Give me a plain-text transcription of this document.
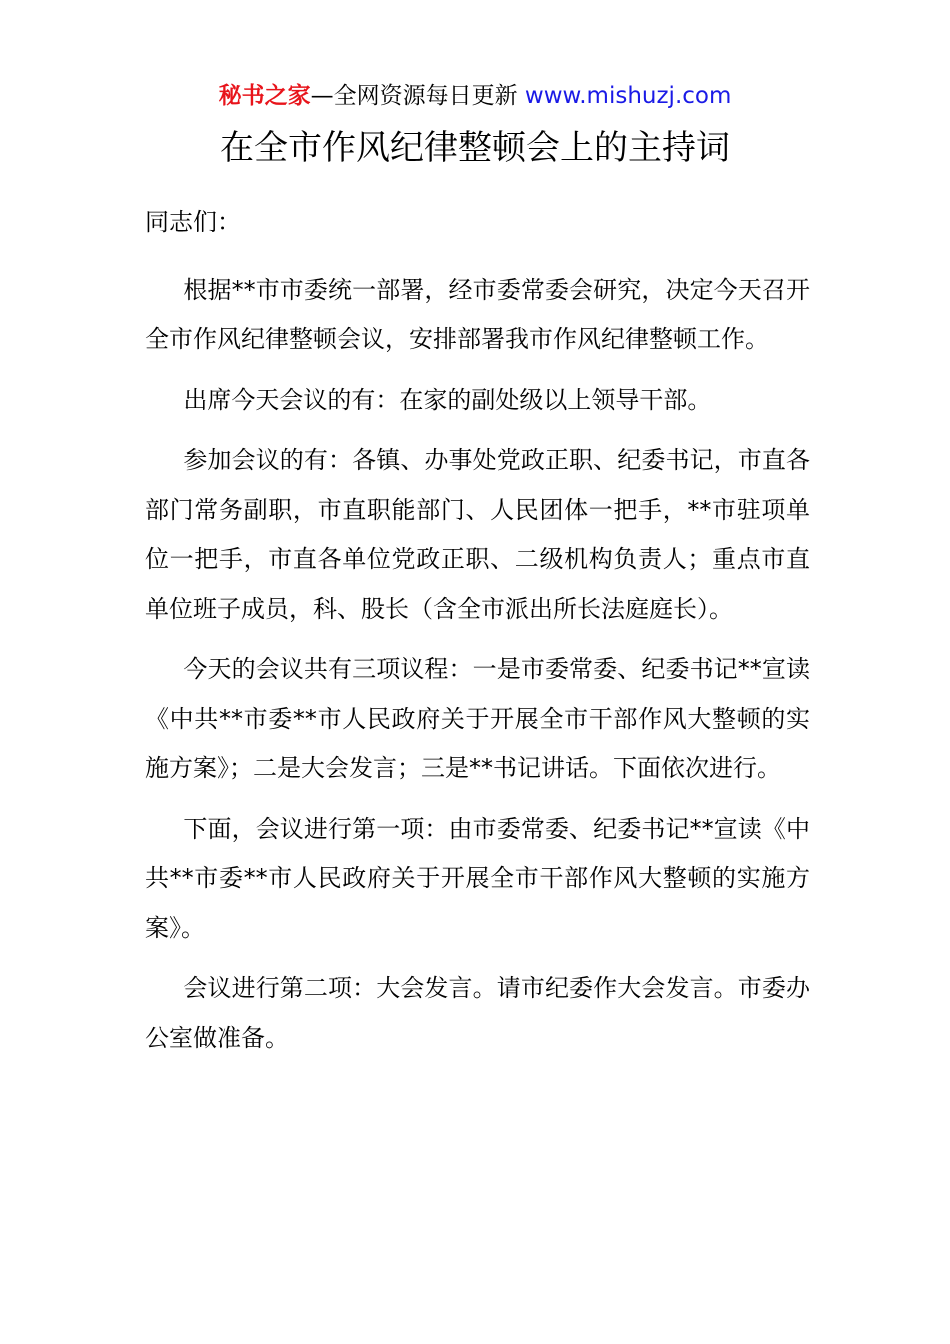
秘书之家—全网资源每日更新 www.mishuzj.com
在全市作风纪律整顿会上的主持词

同志们：

根据**市市委统一部署，经市委常委会研究，决定今天召开全市作风纪律整顿会议，安排部署我市作风纪律整顿工作。

出席今天会议的有：在家的副处级以上领导干部。

参加会议的有：各镇、办事处党政正职、纪委书记，市直各部门常务副职，市直职能部门、人民团体一把手，**市驻项单位一把手，市直各单位党政正职、二级机构负责人；重点市直单位班子成员，科、股长（含全市派出所长法庭庭长）。

今天的会议共有三项议程：一是市委常委、纪委书记**宣读《中共**市委**市人民政府关于开展全市干部作风大整顿的实施方案》；二是大会发言；三是**书记讲话。下面依次进行。

下面，会议进行第一项：由市委常委、纪委书记**宣读《中共**市委**市人民政府关于开展全市干部作风大整顿的实施方案》。

会议进行第二项：大会发言。请市纪委作大会发言。市委办公室做准备。
